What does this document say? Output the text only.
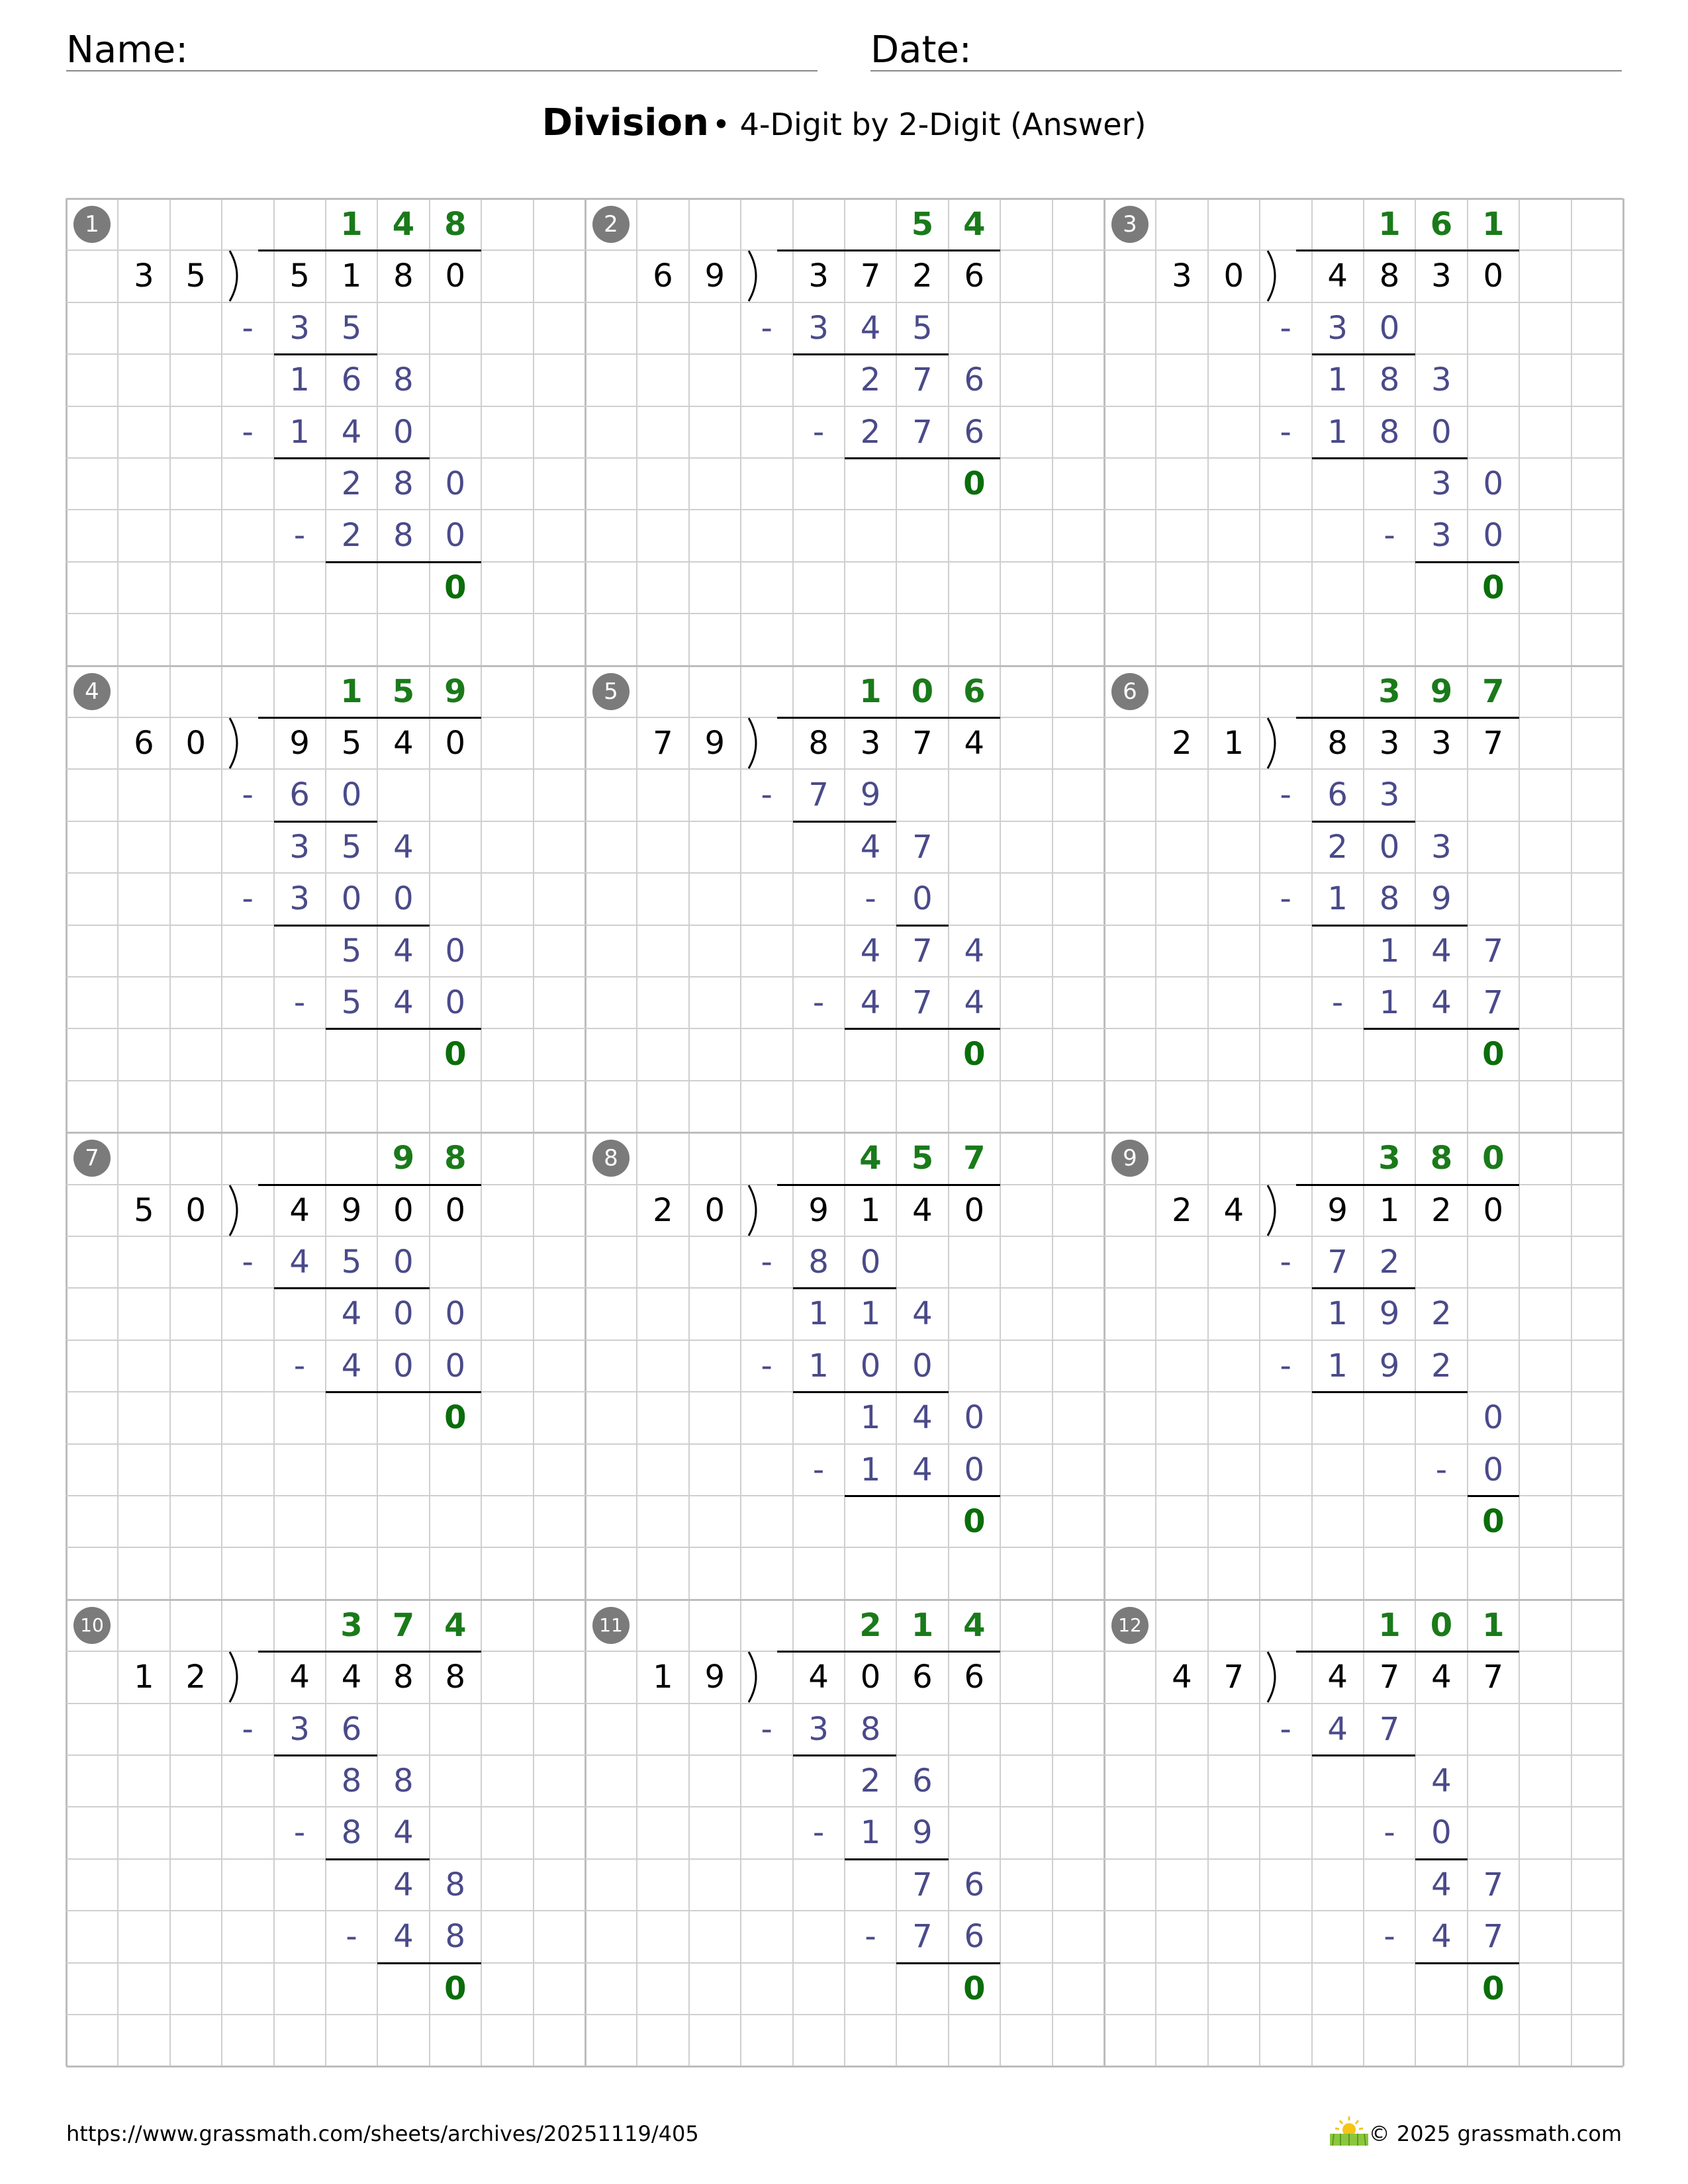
Name:	Date:
Division • 4-Digit by 2-Digit (Answer)
1
3 5	5 1 8 0
1 4 8
-	3 5
1 6 8
-	1 4 0
2 8 0
-	2 8 0
0
2
6 9	3 7 2 6
5 4
-	3 4 5
2 7 6
-	2 7 6
0
3
3 0	4 8 3 0
1 6 1
-	3 0
1 8 3
-	1 8 0
3 0
-	3 0
0
4
6 0	9 5 4 0
1 5 9
-	6 0
3 5 4
-	3 0 0
5 4 0
-	5 4 0
0
5
7 9	8 3 7 4
1 0 6
-	7 9
4 7
-	0
4 7 4
-	4 7 4
0
6
2 1	8 3 3 7
3 9 7
-	6 3
2 0 3
-	1 8 9
1 4 7
-	1 4 7
0
7
5 0	4 9 0 0
9 8
-	4 5 0
4 0 0
-	4 0 0
0
8
2 0	9 1 4 0
4 5 7
-	8 0
1 1 4
-	1 0 0
1 4 0
-	1 4 0
0
9
2 4	9 1 2 0
3 8 0
-	7 2
1 9 2
-	1 9 2
0
-	0
0
10
1 2	4 4 8 8
3 7 4
-	3 6
8 8
-	8 4
4 8
-	4 8
0
11
1 9	4 0 6 6
2 1 4
-	3 8
2 6
-	1 9
7 6
-	7 6
0
12
4 7	4 7 4 7
1 0 1
-	4 7
4
-	0
4 7
-	4 7
0
https://www.grassmath.com/sheets/archives/20251119/405	© 2025 grassmath.com
